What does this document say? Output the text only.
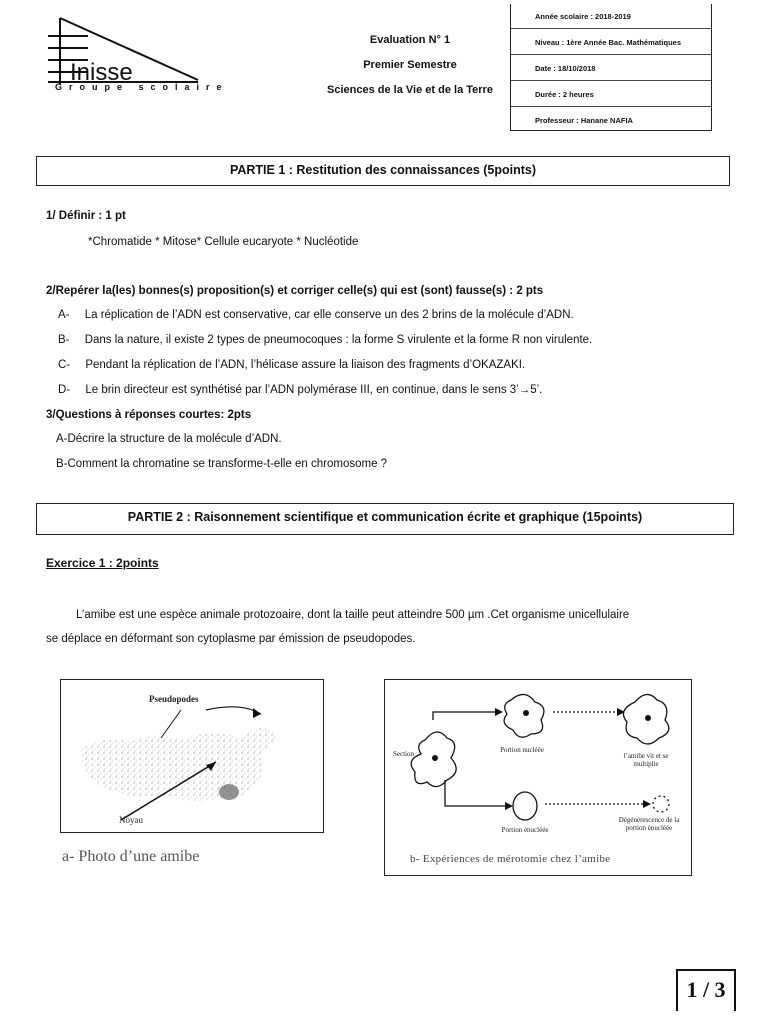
Inisse
Groupe scolaire
Evaluation N° 1
Premier Semestre
Sciences de la Vie et de la Terre
Année scolaire : 2018-2019
Niveau : 1ère Année Bac. Mathématiques
Date : 18/10/2018
Durée : 2 heures
Professeur : Hanane NAFIA
PARTIE 1 : Restitution des connaissances (5points)
1/ Définir : 1 pt
*Chromatide * Mitose* Cellule eucaryote * Nucléotide
2/Repérer la(les) bonnes(s) proposition(s) et corriger celle(s) qui est (sont) fausse(s) : 2 pts
A- La réplication de l’ADN est conservative, car elle conserve un des 2 brins de la molécule d’ADN.
B- Dans la nature, il existe 2 types de pneumocoques : la forme S virulente et la forme R non virulente.
C- Pendant la réplication de l’ADN, l’hélicase assure la liaison des fragments d’OKAZAKI.
D- Le brin directeur est synthétisé par l’ADN polymérase III, en continue, dans le sens 3’→5’.
3/Questions à réponses courtes: 2pts
A-Décrire la structure de la molécule d’ADN.
B-Comment la chromatine se transforme-t-elle en chromosome ?
PARTIE 2 : Raisonnement scientifique et communication écrite et graphique (15points)
Exercice 1 : 2points
L’amibe est une espèce animale protozoaire, dont la taille peut atteindre 500 µm .Cet organisme unicellulaire
se déplace en déformant son cytoplasme par émission de pseudopodes.
Pseudopodes
Noyau
a- Photo d’une amibe
Section	Portion nucléée
l’amibe vit et se multiplie
Portion énucléée
Dégénérescence de la portion énucléée
b- Expériences de mérotomie chez l’amibe
1 / 3
